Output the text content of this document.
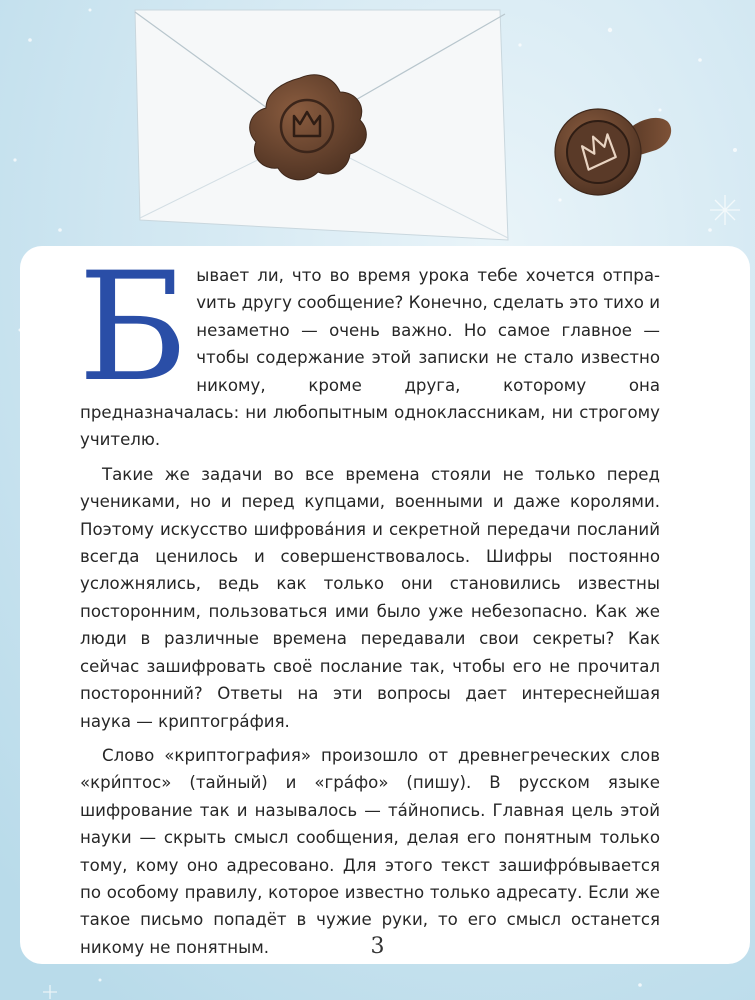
Бывает ли, что во время урока тебе хочется отпраvить другу сообщение? Конечно, сделать это тихо и незаметно — очень важно. Но самое главное — чтобы содержание этой записки не стало известно никому, кроме друга, которому она предназначалась: ни любопытным одноклассникам, ни строгому учителю.

Такие же задачи во все времена стояли не только перед учениками, но и перед купцами, военными и даже королями. Поэтому искусство шифрова́ния и секретной передачи посланий всегда ценилось и совершенствовалось. Шифры постоянно усложнялись, ведь как только они становились известны посторонним, пользоваться ими было уже небезопасно. Как же люди в различные времена передавали свои секреты? Как сейчас зашифровать своё послание так, чтобы его не прочитал посторонний? Ответы на эти вопросы дает интереснейшая наука — криптогра́фия.

Слово «криптография» произошло от древнегреческих слов «кри́птос» (тайный) и «гра́фо» (пишу). В русском языке шифрование так и называлось — та́йнопись. Главная цель этой науки — скрыть смысл сообщения, делая его понятным только тому, кому оно адресовано. Для этого текст зашифро́вывается по особому правилу, которое известно только адресату. Если же такое письмо попадёт в чужие руки, то его смысл останется никому не понятным.	3
